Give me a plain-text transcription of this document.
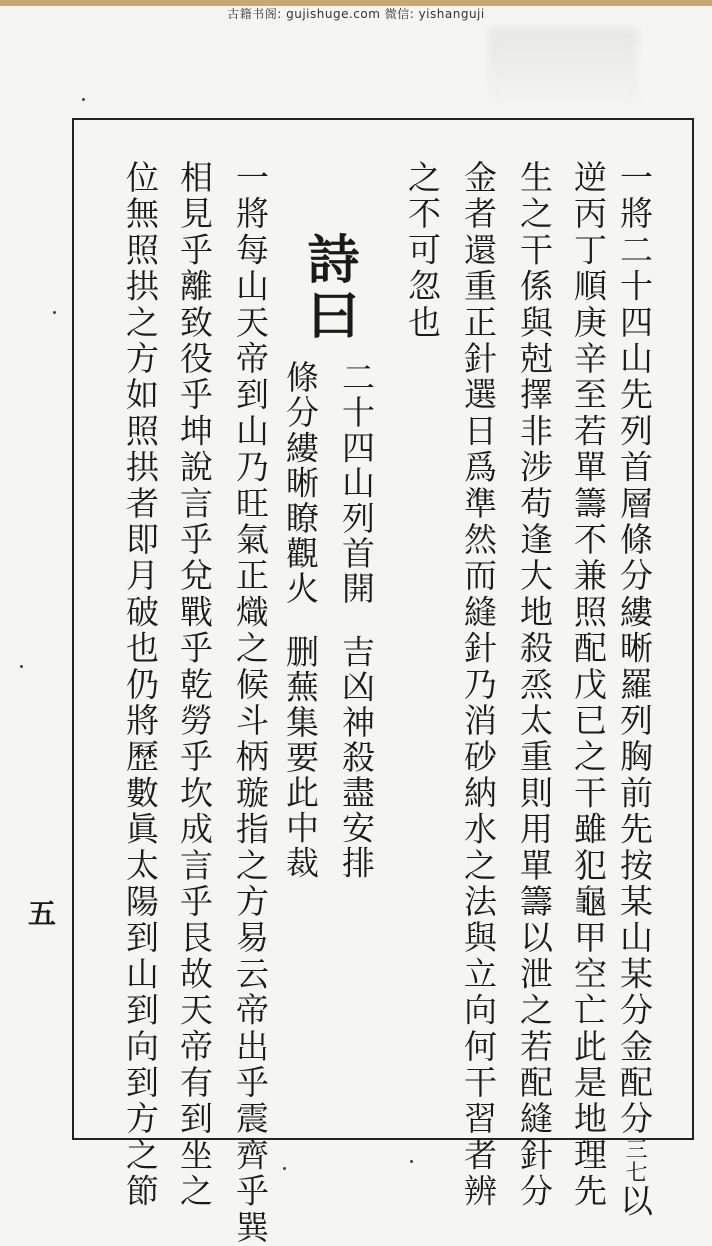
古籍书阁: gujishuge.com 微信: yishanguji
一將二十四山先列首層條分縷晰羅列胸前先按某山某分金配分三七以
逆丙丁順庚辛至若單籌不兼照配戊已之干雖犯龜甲空亡此是地理先
生之干係與尅擇非涉苟逢大地殺烝太重則用單籌以泄之若配縫針分
金者還重正針選日爲準然而縫針乃消砂納水之法與立向何干習者辨
之不可忽也
詩曰
二十四山列首開吉凶神殺盡安排
條分縷晰瞭觀火删蕪集要此中裁
一將每山天帝到山乃旺氣正熾之候斗柄璇指之方易云帝出乎震齊乎巽
相見乎離致役乎坤說言乎兌戰乎乾勞乎坎成言乎艮故天帝有到坐之
位無照拱之方如照拱者即月破也仍將歷數眞太陽到山到向到方之節
五
